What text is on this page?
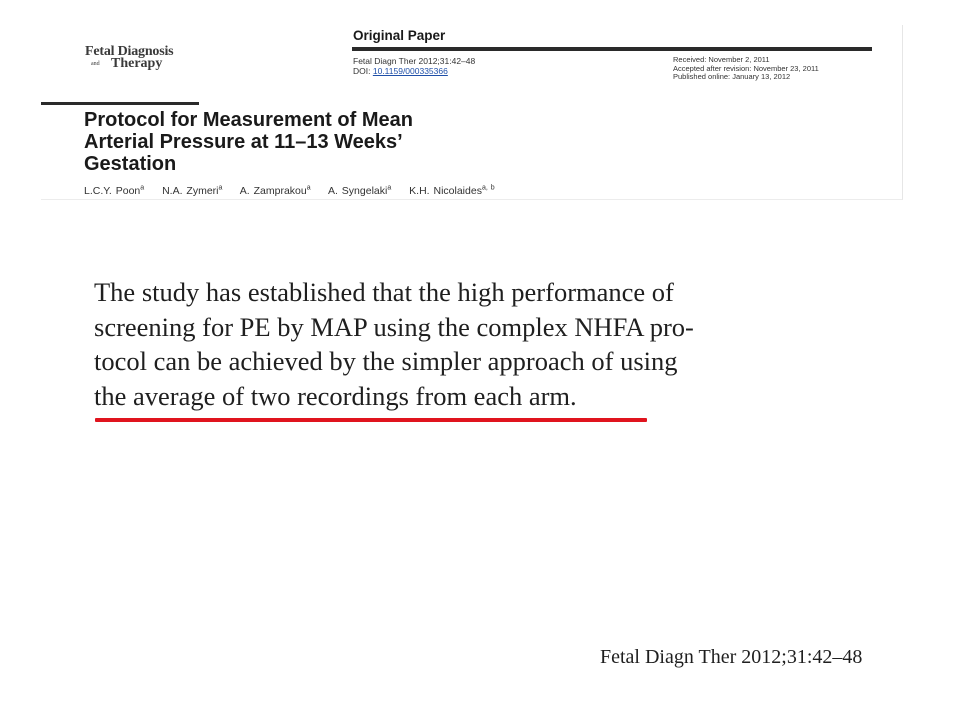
Fetal Diagnosis
and Therapy
Original Paper
Fetal Diagn Ther 2012;31:42–48
DOI: 10.1159/000335366
Received: November 2, 2011
Accepted after revision: November 23, 2011
Published online: January 13, 2012
Protocol for Measurement of Mean
Arterial Pressure at 11–13 Weeks’
Gestation
L.C.Y. Poon$^a$ N.A. Zymeri$^a$ A. Zamprakou$^a$ A. Syngelaki$^a$ K.H. Nicolaides$^{a, b}$
The study has established that the high performance of
screening for PE by MAP using the complex NHFA pro-
tocol can be achieved by the simpler approach of using
the average of two recordings from each arm.
Fetal Diagn Ther 2012;31:42–48
